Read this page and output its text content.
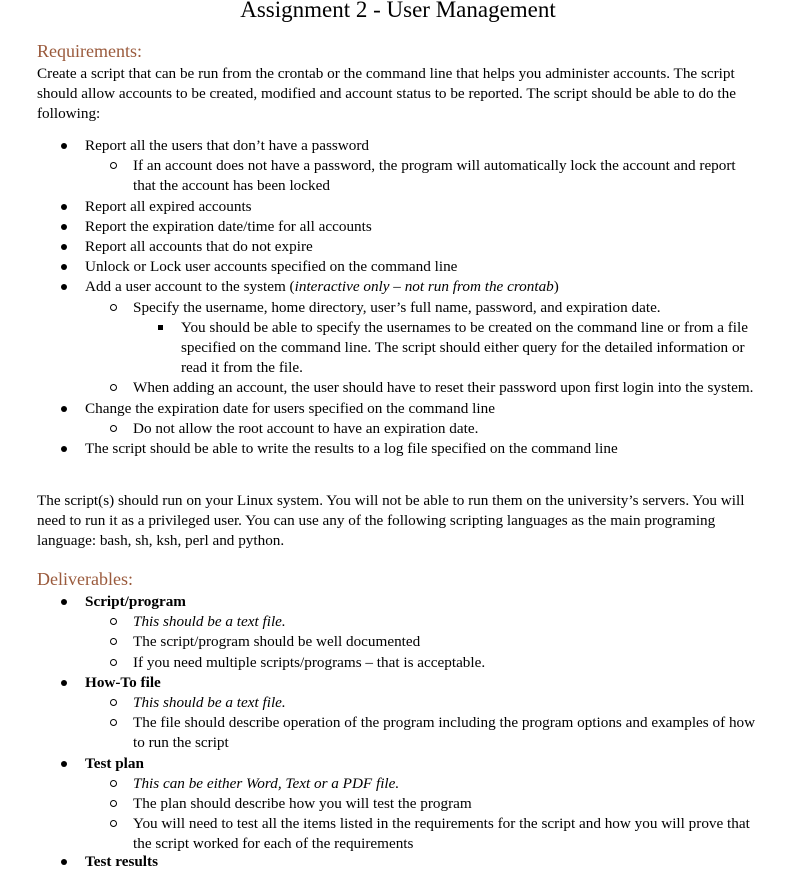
Assignment 2 - User Management
Requirements:

Create a script that can be run from the crontab or the command line that helps you administer accounts. The script should allow accounts to be created, modified and account status to be reported. The script should be able to do the following:

Report all the users that don’t have a password
If an account does not have a password, the program will automatically lock the account and report that the account has been locked
Report all expired accounts
Report the expiration date/time for all accounts
Report all accounts that do not expire
Unlock or Lock user accounts specified on the command line
Add a user account to the system (interactive only – not run from the crontab)
Specify the username, home directory, user’s full name, password, and expiration date.
You should be able to specify the usernames to be created on the command line or from a file specified on the command line. The script should either query for the detailed information or read it from the file.
When adding an account, the user should have to reset their password upon first login into the system.
Change the expiration date for users specified on the command line
Do not allow the root account to have an expiration date.
The script should be able to write the results to a log file specified on the command line

The script(s) should run on your Linux system. You will not be able to run them on the university’s servers. You will need to run it as a privileged user. You can use any of the following scripting languages as the main programing language: bash, sh, ksh, perl and python.

Deliverables:
Script/program
This should be a text file.
The script/program should be well documented
If you need multiple scripts/programs – that is acceptable.
How-To file
This should be a text file.
The file should describe operation of the program including the program options and examples of how to run the script
Test plan
This can be either Word, Text or a PDF file.
The plan should describe how you will test the program
You will need to test all the items listed in the requirements for the script and how you will prove that the script worked for each of the requirements
Test results
